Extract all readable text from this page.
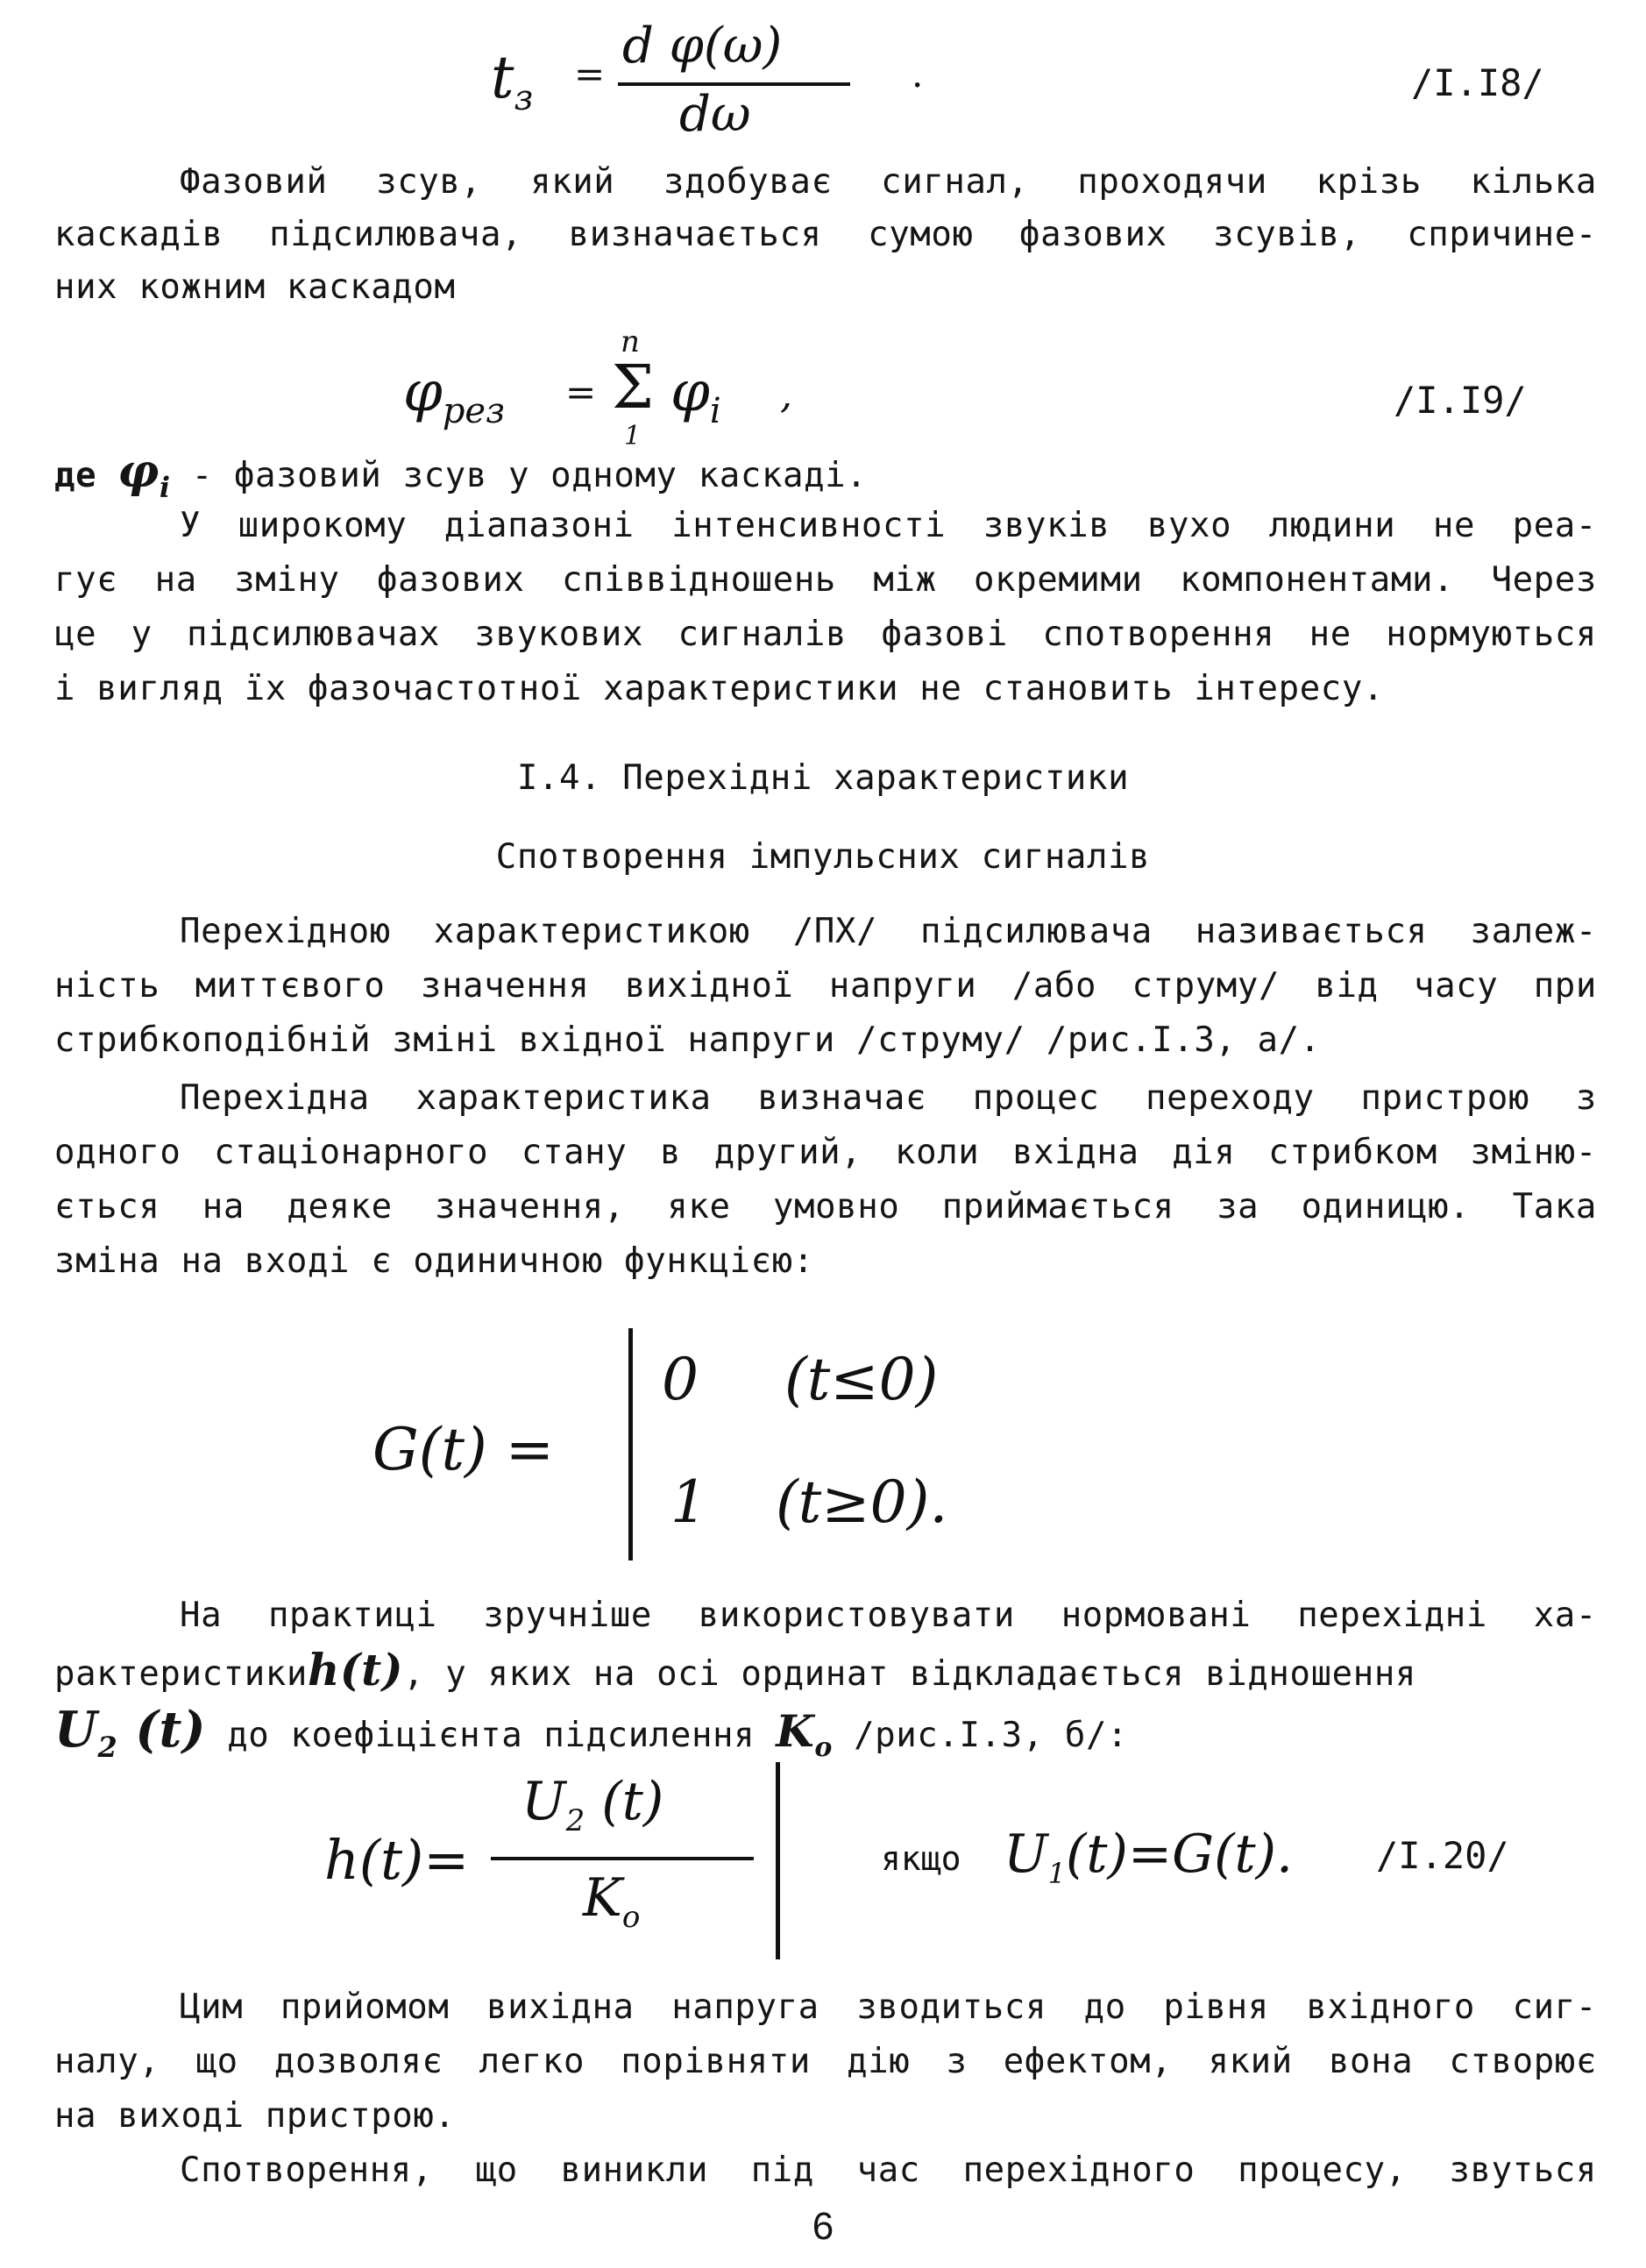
$t_з$
= d φ(ω)
dω
.	/I.I8/
Фазовий зсув, який здобуває сигнал, проходячи крізь кілька
каскадів підсилювача, визначається сумою фазових зсувів, спричине-
них кожним каскадом
$\varphi_{рез}$ =
n
Σ
1
$\varphi_i$ ,	/I.I9/
де $\varphi_i$ - фазовий зсув у одному каскаді.
У широкому діапазоні інтенсивності звуків вухо людини не реа-
гує на зміну фазових співвідношень між окремими компонентами. Через
це у підсилювачах звукових сигналів фазові спотворення не нормуються
і вигляд їх фазочастотної характеристики не становить інтересу.
I.4. Перехідні характеристики
Спотворення імпульсних сигналів
Перехідною характеристикою /ПХ/ підсилювача називається залеж-
ність миттєвого значення вихідної напруги /або струму/ від часу при
стрибкоподібній зміні вхідної напруги /струму/ /рис.I.3, а/.
Перехідна характеристика визначає процес переходу пристрою з
одного стаціонарного стану в другий, коли вхідна дія стрибком зміню-
ється на деяке значення, яке умовно приймається за одиницю. Така
зміна на вході є одиничною функцією:
G(t) =
0 (t≤0)
1 (t≥0).
На практиці зручніше використовувати нормовані перехідні ха-
рактеристикиh(t), у яких на осі ординат відкладається відношення
$U_2$ (t) до коефіцієнта підсилення $K_o$ /рис.I.3, б/:
h(t)=
$U_2$ (t)
$K_o$
якщо $U_1(t)=G(t)$. /I.20/
Цим прийомом вихідна напруга зводиться до рівня вхідного сиг-
налу, що дозволяє легко порівняти дію з ефектом, який вона створює
на виході пристрою.
Спотворення, що виникли під час перехідного процесу, звуться
6
